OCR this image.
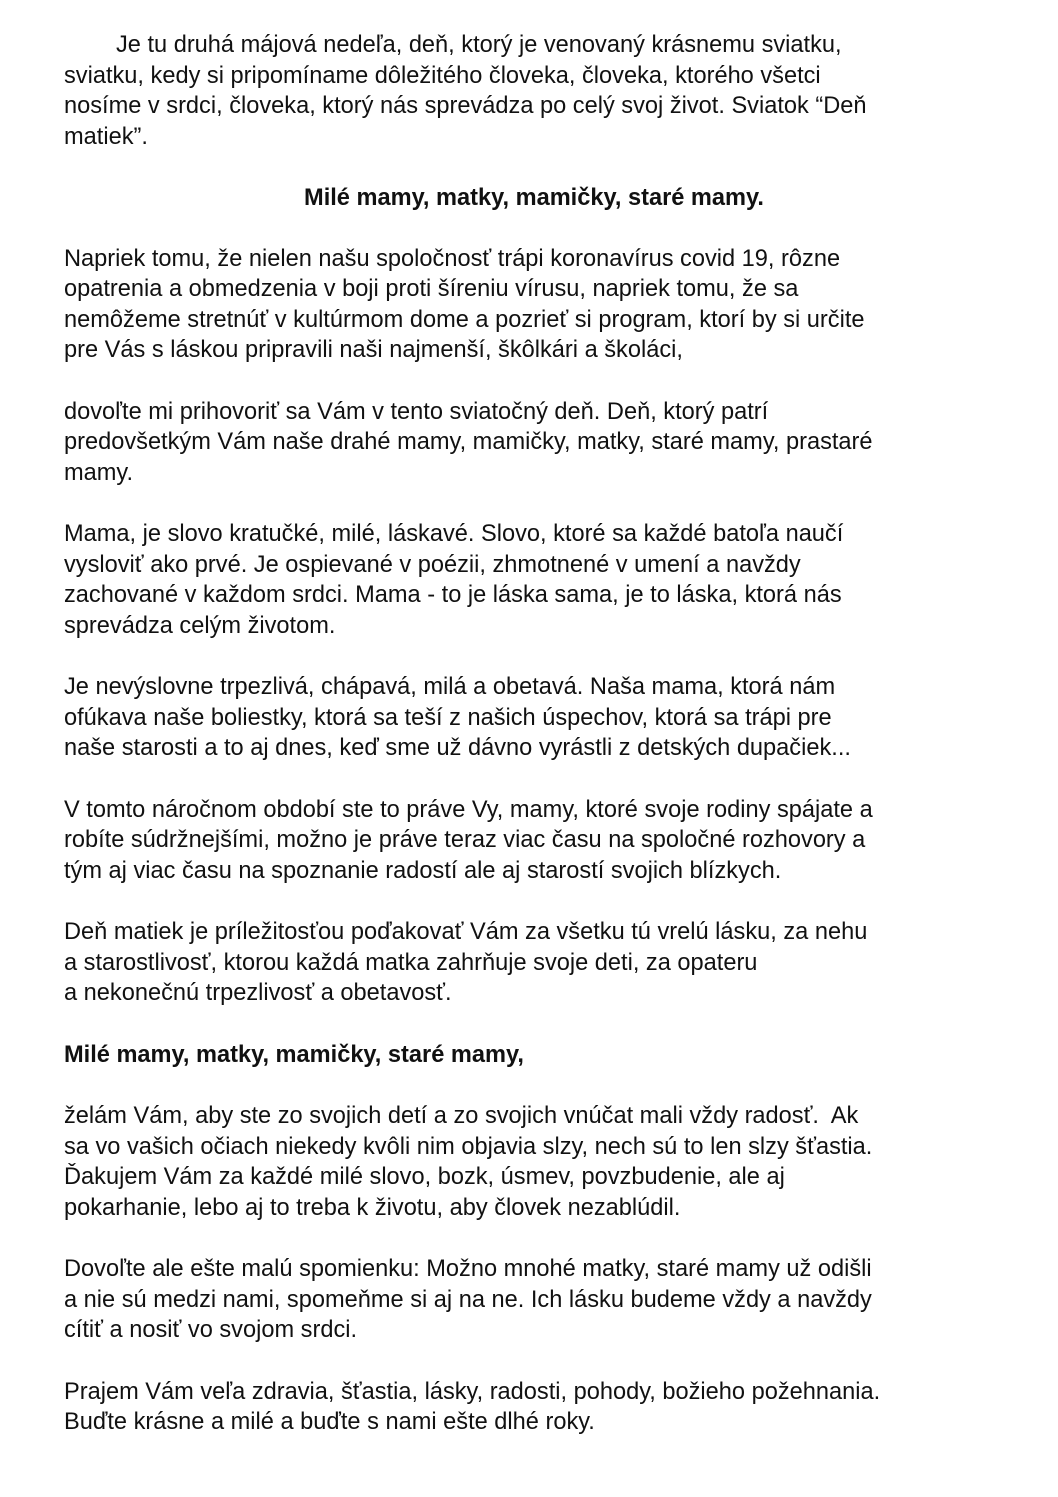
Je tu druhá májová nedeľa, deň, ktorý je venovaný krásnemu sviatku,
sviatku, kedy si pripomíname dôležitého človeka, človeka, ktorého všetci
nosíme v srdci, človeka, ktorý nás sprevádza po celý svoj život. Sviatok “Deň
matiek”.
Milé mamy, matky, mamičky, staré mamy.
Napriek tomu, že nielen našu spoločnosť trápi koronavírus covid 19, rôzne
opatrenia a obmedzenia v boji proti šíreniu vírusu, napriek tomu, že sa
nemôžeme stretnúť v kultúrmom dome a pozrieť si program, ktorí by si určite
pre Vás s láskou pripravili naši najmenší, škôlkári a školáci,
dovoľte mi prihovoriť sa Vám v tento sviatočný deň. Deň, ktorý patrí
predovšetkým Vám naše drahé mamy, mamičky, matky, staré mamy, prastaré
mamy.
Mama, je slovo kratučké, milé, láskavé. Slovo, ktoré sa každé batoľa naučí
vysloviť ako prvé. Je ospievané v poézii, zhmotnené v umení a navždy
zachované v každom srdci. Mama - to je láska sama, je to láska, ktorá nás
sprevádza celým životom.
Je nevýslovne trpezlivá, chápavá, milá a obetavá. Naša mama, ktorá nám
ofúkava naše boliestky, ktorá sa teší z našich úspechov, ktorá sa trápi pre
naše starosti a to aj dnes, keď sme už dávno vyrástli z detských dupačiek...
V tomto náročnom období ste to práve Vy, mamy, ktoré svoje rodiny spájate a
robíte súdržnejšími, možno je práve teraz viac času na spoločné rozhovory a
tým aj viac času na spoznanie radostí ale aj starostí svojich blízkych.
Deň matiek je príležitosťou poďakovať Vám za všetku tú vrelú lásku, za nehu
a starostlivosť, ktorou každá matka zahrňuje svoje deti, za opateru
a nekonečnú trpezlivosť a obetavosť.
Milé mamy, matky, mamičky, staré mamy,
želám Vám, aby ste zo svojich detí a zo svojich vnúčat mali vždy radosť.  Ak
sa vo vašich očiach niekedy kvôli nim objavia slzy, nech sú to len slzy šťastia.
Ďakujem Vám za každé milé slovo, bozk, úsmev, povzbudenie, ale aj
pokarhanie, lebo aj to treba k životu, aby človek nezablúdil.
Dovoľte ale ešte malú spomienku: Možno mnohé matky, staré mamy už odišli
a nie sú medzi nami, spomeňme si aj na ne. Ich lásku budeme vždy a navždy
cítiť a nosiť vo svojom srdci.
Prajem Vám veľa zdravia, šťastia, lásky, radosti, pohody, božieho požehnania.
Buďte krásne a milé a buďte s nami ešte dlhé roky.
